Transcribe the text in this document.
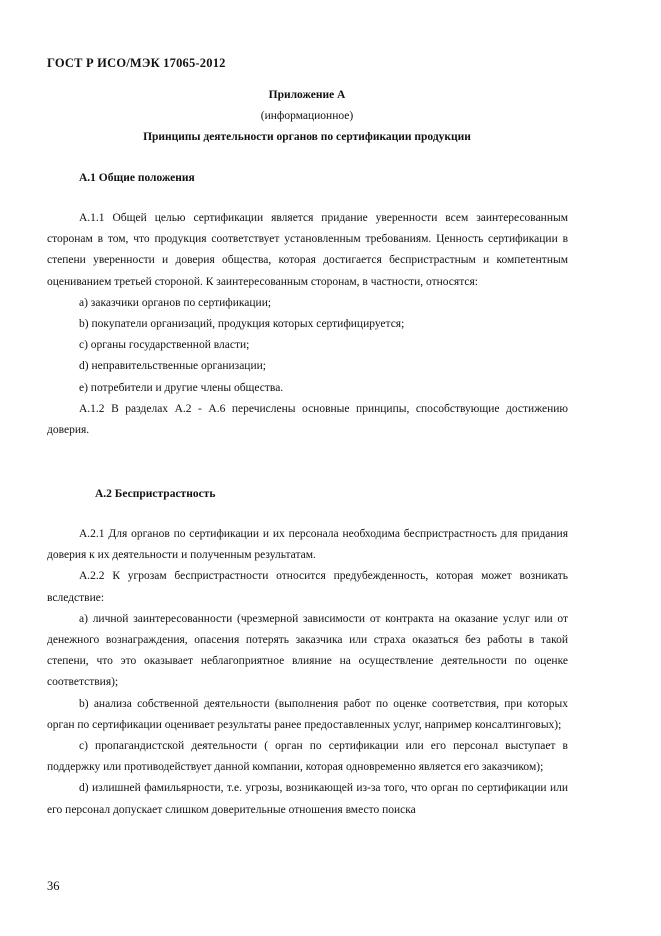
ГОСТ Р ИСО/МЭК 17065-2012
Приложение А
(информационное)
Принципы деятельности органов по сертификации продукции
А.1 Общие положения

А.1.1 Общей целью сертификации является придание уверенности всем заинтересованным сторонам в том, что продукция соответствует установленным требованиям. Ценность сертификации в степени уверенности и доверия общества, которая достигается беспристрастным и компетентным оцениванием третьей стороной. К заинтересованным сторонам, в частности, относятся:

a) заказчики органов по сертификации;

b) покупатели организаций, продукция которых сертифицируется;

c) органы государственной власти;

d) неправительственные организации;

e) потребители и другие члены общества.

А.1.2 В разделах А.2 - А.6 перечислены основные принципы, способствующие достижению доверия.

А.2 Беспристрастность

А.2.1 Для органов по сертификации и их персонала необходима беспристрастность для придания доверия к их деятельности и полученным результатам.

А.2.2 К угрозам беспристрастности относится предубежденность, которая может возникать вследствие:

a) личной заинтересованности (чрезмерной зависимости от контракта на оказание услуг или от денежного вознаграждения, опасения потерять заказчика или страха оказаться без работы в такой степени, что это оказывает неблагоприятное влияние на осуществление деятельности по оценке соответствия);

b) анализа собственной деятельности (выполнения работ по оценке соответствия, при которых орган по сертификации оценивает результаты ранее предоставленных услуг, например консалтинговых);

c) пропагандистской деятельности ( орган по сертификации или его персонал выступает в поддержку или противодействует данной компании, которая одновременно является его заказчиком);

d) излишней фамильярности, т.е. угрозы, возникающей из-за того, что орган по сертификации или его персонал допускает слишком доверительные отношения вместо поиска

36
